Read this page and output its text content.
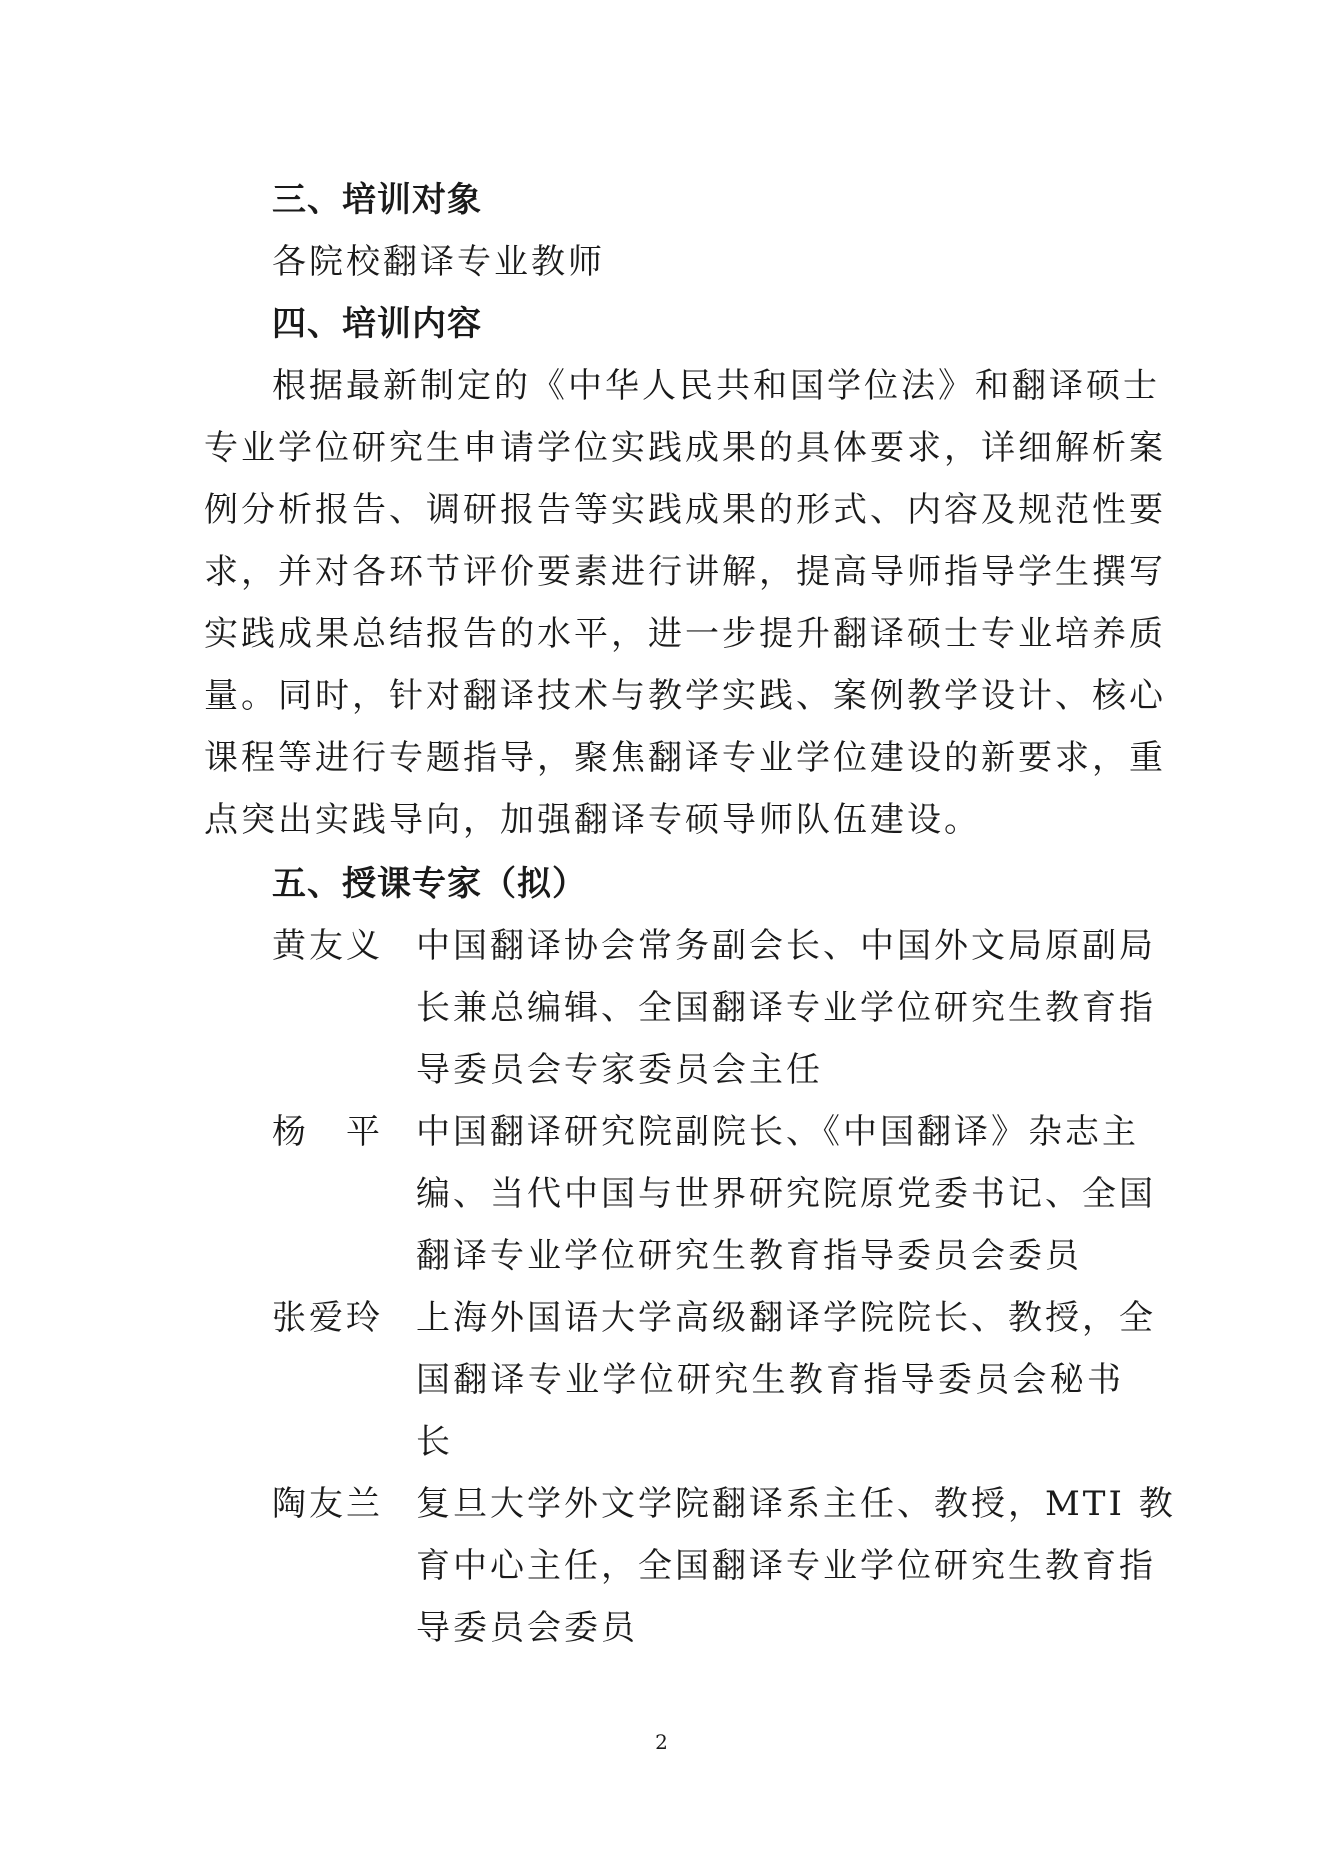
三、培训对象
各院校翻译专业教师
四、培训内容
根据最新制定的《中华人民共和国学位法》和翻译硕士
专业学位研究生申请学位实践成果的具体要求，详细解析案
例分析报告、调研报告等实践成果的形式、内容及规范性要
求，并对各环节评价要素进行讲解，提高导师指导学生撰写
实践成果总结报告的水平，进一步提升翻译硕士专业培养质
量。同时，针对翻译技术与教学实践、案例教学设计、核心
课程等进行专题指导，聚焦翻译专业学位建设的新要求，重
点突出实践导向，加强翻译专硕导师队伍建设。
五、授课专家（拟）
黄友义 中国翻译协会常务副会长、中国外文局原副局
长兼总编辑、全国翻译专业学位研究生教育指
导委员会专家委员会主任
杨　平 中国翻译研究院副院长、《中国翻译》杂志主
编、当代中国与世界研究院原党委书记、全国
翻译专业学位研究生教育指导委员会委员
张爱玲 上海外国语大学高级翻译学院院长、教授，全
国翻译专业学位研究生教育指导委员会秘书
长
陶友兰 复旦大学外文学院翻译系主任、教授，MTI 教
育中心主任，全国翻译专业学位研究生教育指
导委员会委员
2
